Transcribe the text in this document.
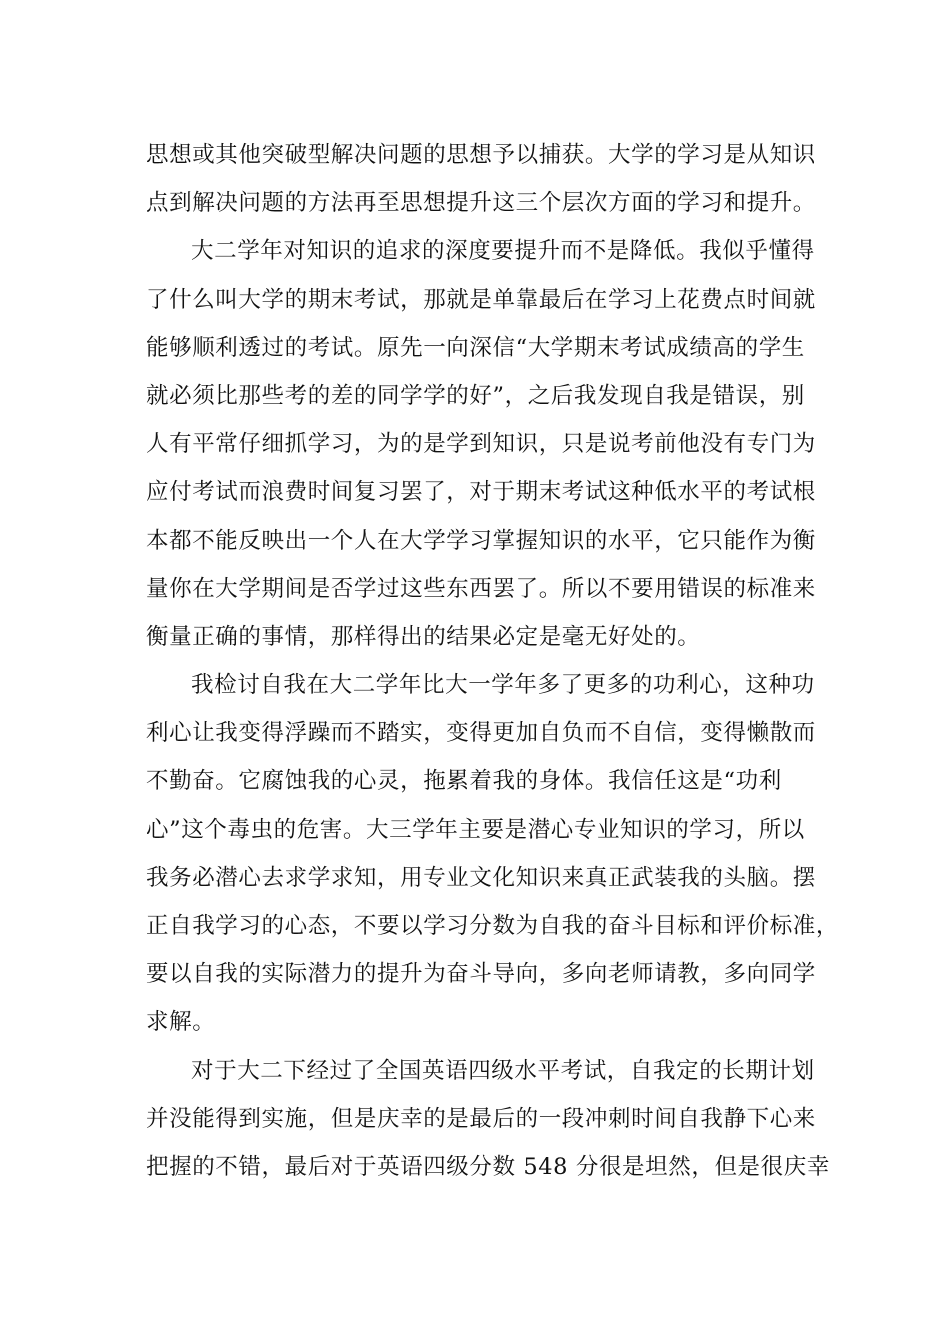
思想或其他突破型解决问题的思想予以捕获。大学的学习是从知识
点到解决问题的方法再至思想提升这三个层次方面的学习和提升。
大二学年对知识的追求的深度要提升而不是降低。我似乎懂得
了什么叫大学的期末考试，那就是单靠最后在学习上花费点时间就
能够顺利透过的考试。原先一向深信“大学期末考试成绩高的学生
就必须比那些考的差的同学学的好”，之后我发现自我是错误，别
人有平常仔细抓学习，为的是学到知识，只是说考前他没有专门为
应付考试而浪费时间复习罢了，对于期末考试这种低水平的考试根
本都不能反映出一个人在大学学习掌握知识的水平，它只能作为衡
量你在大学期间是否学过这些东西罢了。所以不要用错误的标准来
衡量正确的事情，那样得出的结果必定是毫无好处的。
我检讨自我在大二学年比大一学年多了更多的功利心，这种功
利心让我变得浮躁而不踏实，变得更加自负而不自信，变得懒散而
不勤奋。它腐蚀我的心灵，拖累着我的身体。我信任这是“功利
心”这个毒虫的危害。大三学年主要是潜心专业知识的学习，所以
我务必潜心去求学求知，用专业文化知识来真正武装我的头脑。摆
正自我学习的心态，不要以学习分数为自我的奋斗目标和评价标准，
要以自我的实际潜力的提升为奋斗导向，多向老师请教，多向同学
求解。
对于大二下经过了全国英语四级水平考试，自我定的长期计划
并没能得到实施，但是庆幸的是最后的一段冲刺时间自我静下心来
把握的不错，最后对于英语四级分数 548 分很是坦然，但是很庆幸
